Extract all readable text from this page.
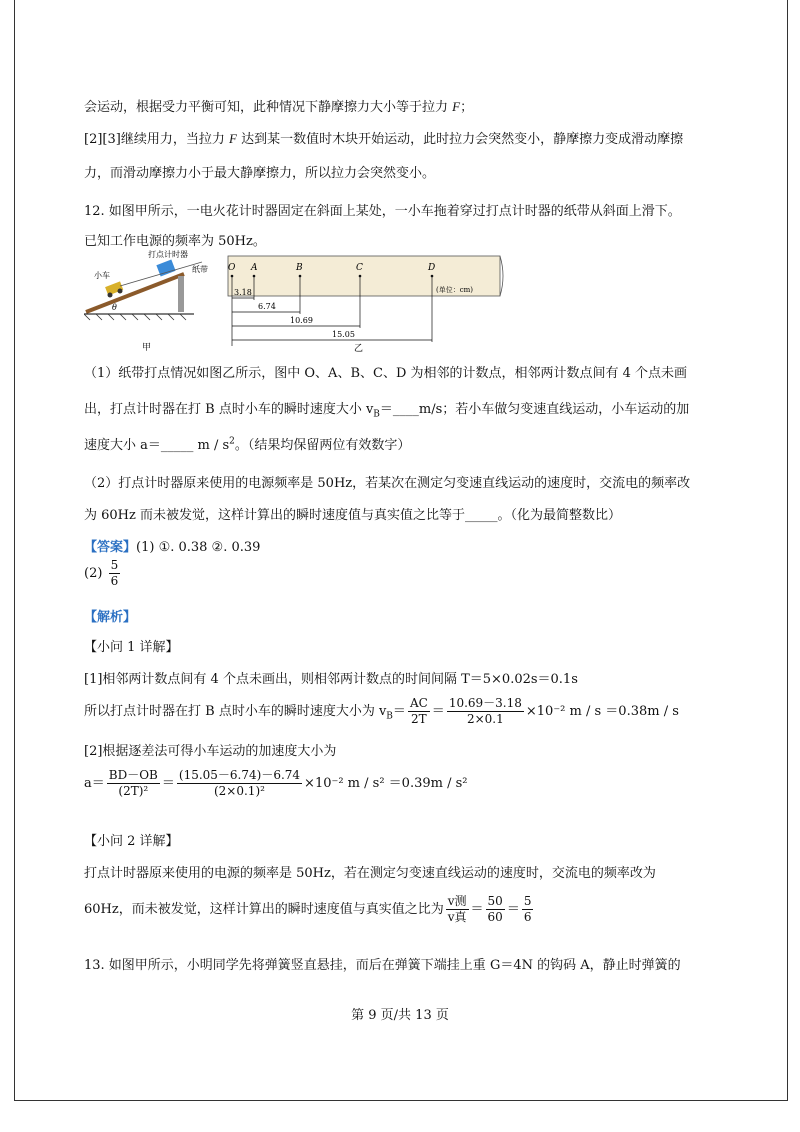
会运动，根据受力平衡可知，此种情况下静摩擦力大小等于拉力 F；
[2][3]继续用力，当拉力 F 达到某一数值时木块开始运动，此时拉力会突然变小，静摩擦力变成滑动摩擦
力，而滑动摩擦力小于最大静摩擦力，所以拉力会突然变小。
12. 如图甲所示，一电火花计时器固定在斜面上某处，一小车拖着穿过打点计时器的纸带从斜面上滑下。
已知工作电源的频率为 50Hz。
打点计时器
小车
纸带
θ
甲
O A	B	C	D
(单位：cm)
3.18
6.74
10.69
15.05
乙
（1）纸带打点情况如图乙所示，图中 O、A、B、C、D 为相邻的计数点，相邻两计数点间有 4 个点未画
出，打点计时器在打 B 点时小车的瞬时速度大小 $v_B=\_\_\_\_m/s$；若小车做匀变速直线运动，小车运动的加
速度大小 a＝_____ m / $s^2$。（结果均保留两位有效数字）
（2）打点计时器原来使用的电源频率是 50Hz，若某次在测定匀变速直线运动的速度时，交流电的频率改
为 60Hz 而未被发觉，这样计算出的瞬时速度值与真实值之比等于_____。（化为最简整数比）
【答案】(1) ①. 0.38 ②. 0.39
$(2) \frac{5}{6}$
【解析】
【小问 1 详解】
[1]相邻两计数点间有 4 个点未画出，则相邻两计数点的时间间隔 T＝5×0.02s＝0.1s
所以打点计时器在打 B 点时小车的瞬时速度大小为 $v_B= \frac{AC}{2T} = \frac{10.69-3.18}{2\times 0.1} \times 10^{-2}$ m / s ＝0.38m / s
[2]根据逐差法可得小车运动的加速度大小为
$a= \frac{BD-OB}{\text{(2T)²}} = \frac{(15.05-6.74)-6.74}{\text{(2×0.1)²}} \times 10^{-2}$ m / s² ＝0.39m / s²
【小问 2 详解】
打点计时器原来使用的电源的频率是 50Hz，若在测定匀变速直线运动的速度时，交流电的频率改为
60Hz，而未被发觉，这样计算出的瞬时速度值与真实值之比为 $\frac{\text{v测}}{\text{v真}} = \frac{50}{60} = \frac{5}{6}$
13. 如图甲所示，小明同学先将弹簧竖直悬挂，而后在弹簧下端挂上重 G＝4N 的钩码 A，静止时弹簧的
第 9 页/共 13 页
